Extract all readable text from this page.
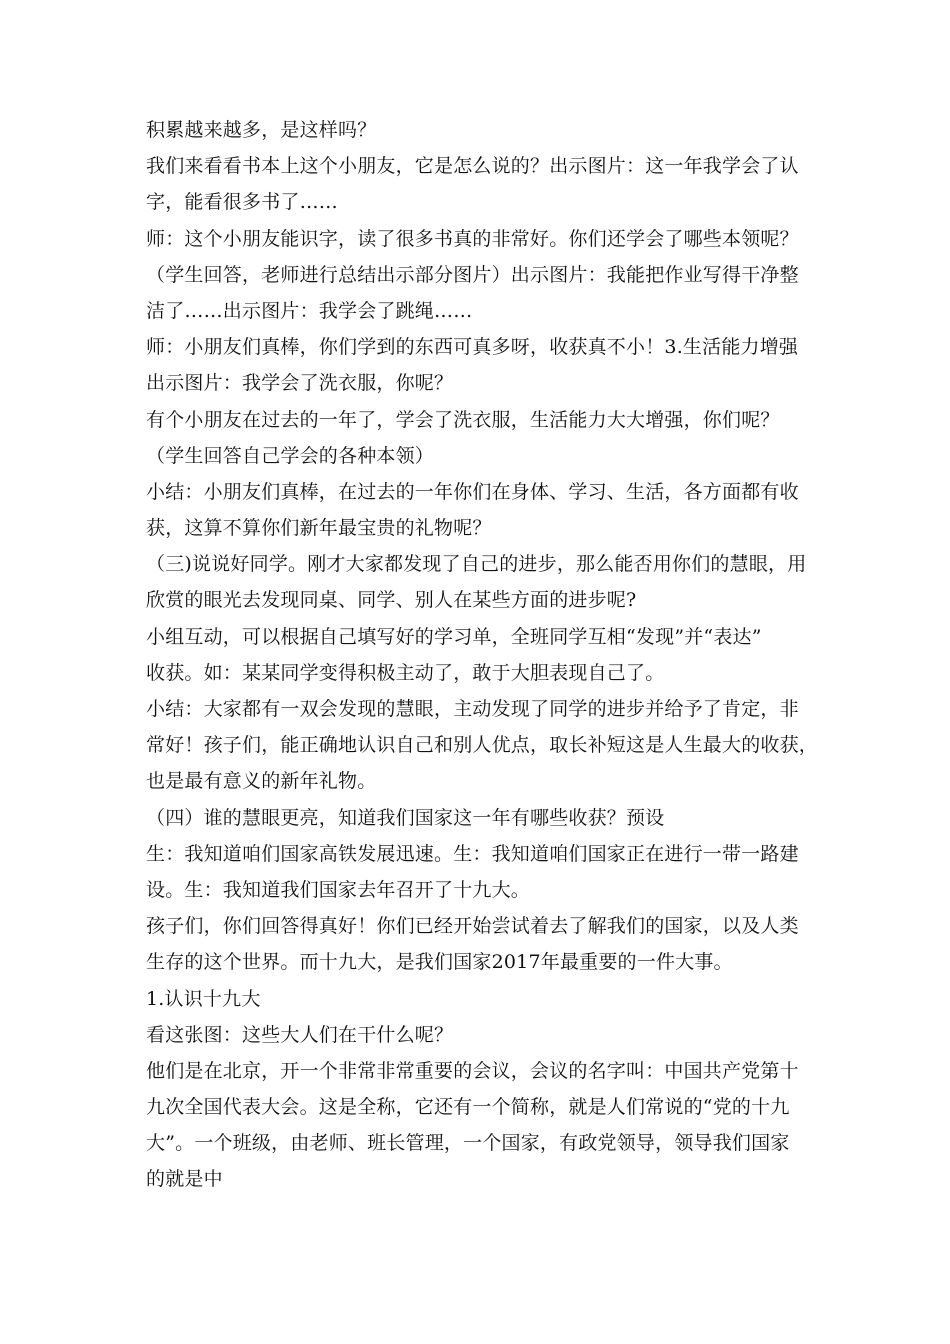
积累越来越多，是这样吗？
我们来看看书本上这个小朋友，它是怎么说的？出示图片：这一年我学会了认
字，能看很多书了……
师：这个小朋友能识字，读了很多书真的非常好。你们还学会了哪些本领呢？
（学生回答，老师进行总结出示部分图片）出示图片：我能把作业写得干净整
洁了……出示图片：我学会了跳绳……
师：小朋友们真棒，你们学到的东西可真多呀，收获真不小！3.生活能力增强
出示图片：我学会了洗衣服，你呢？
有个小朋友在过去的一年了，学会了洗衣服，生活能力大大增强，你们呢？
（学生回答自己学会的各种本领）
小结：小朋友们真棒，在过去的一年你们在身体、学习、生活，各方面都有收
获，这算不算你们新年最宝贵的礼物呢？
（三)说说好同学。刚才大家都发现了自己的进步，那么能否用你们的慧眼，用
欣赏的眼光去发现同桌、同学、别人在某些方面的进步呢?
小组互动，可以根据自己填写好的学习单，全班同学互相“发现”并“表达”
收获。如：某某同学变得积极主动了，敢于大胆表现自己了。
小结：大家都有一双会发现的慧眼，主动发现了同学的进步并给予了肯定，非
常好！孩子们，能正确地认识自己和别人优点，取长补短这是人生最大的收获，
也是最有意义的新年礼物。
（四）谁的慧眼更亮，知道我们国家这一年有哪些收获？预设
生：我知道咱们国家高铁发展迅速。生：我知道咱们国家正在进行一带一路建
设。生：我知道我们国家去年召开了十九大。
孩子们，你们回答得真好！你们已经开始尝试着去了解我们的国家，以及人类
生存的这个世界。而十九大，是我们国家2017年最重要的一件大事。
1.认识十九大
看这张图：这些大人们在干什么呢？
他们是在北京，开一个非常非常重要的会议，会议的名字叫：中国共产党第十
九次全国代表大会。这是全称，它还有一个简称，就是人们常说的“党的十九
大”。一个班级，由老师、班长管理，一个国家，有政党领导，领导我们国家
的就是中
